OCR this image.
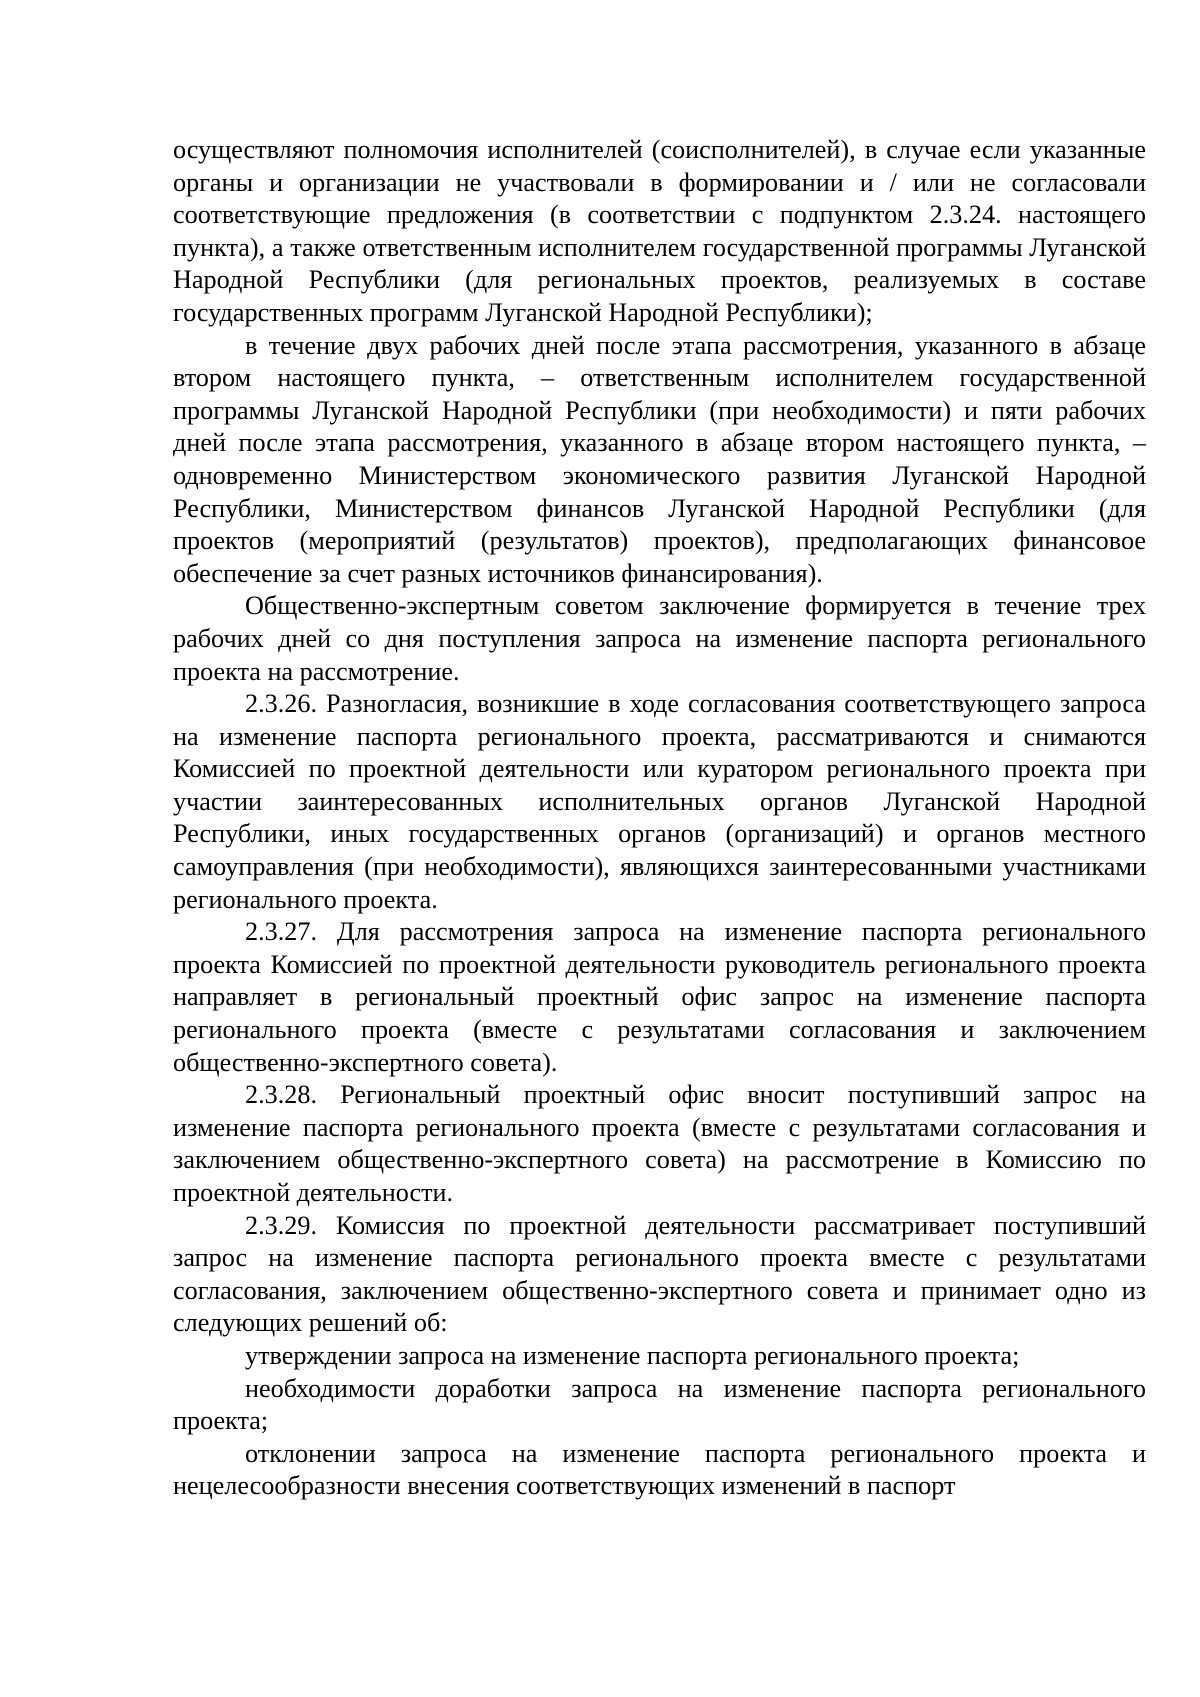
осуществляют полномочия исполнителей (соисполнителей), в случае если указанные органы и организации не участвовали в формировании и / или не согласовали соответствующие предложения (в соответствии с подпунктом 2.3.24. настоящего пункта), а также ответственным исполнителем государственной программы Луганской Народной Республики (для региональных проектов, реализуемых в составе государственных программ Луганской Народной Республики);

в течение двух рабочих дней после этапа рассмотрения, указанного в абзаце втором настоящего пункта, – ответственным исполнителем государственной программы Луганской Народной Республики (при необходимости) и пяти рабочих дней после этапа рассмотрения, указанного в абзаце втором настоящего пункта, – одновременно Министерством экономического развития Луганской Народной Республики, Министерством финансов Луганской Народной Республики (для проектов (мероприятий (результатов) проектов), предполагающих финансовое обеспечение за счет разных источников финансирования).

Общественно-экспертным советом заключение формируется в течение трех рабочих дней со дня поступления запроса на изменение паспорта регионального проекта на рассмотрение.

2.3.26. Разногласия, возникшие в ходе согласования соответствующего запроса на изменение паспорта регионального проекта, рассматриваются и снимаются Комиссией по проектной деятельности или куратором регионального проекта при участии заинтересованных исполнительных органов Луганской Народной Республики, иных государственных органов (организаций) и органов местного самоуправления (при необходимости), являющихся заинтересованными участниками регионального проекта.

2.3.27. Для рассмотрения запроса на изменение паспорта регионального проекта Комиссией по проектной деятельности руководитель регионального проекта направляет в региональный проектный офис запрос на изменение паспорта регионального проекта (вместе с результатами согласования и заключением общественно-экспертного совета).

2.3.28. Региональный проектный офис вносит поступивший запрос на изменение паспорта регионального проекта (вместе с результатами согласования и заключением общественно-экспертного совета) на рассмотрение в Комиссию по проектной деятельности.

2.3.29. Комиссия по проектной деятельности рассматривает поступивший запрос на изменение паспорта регионального проекта вместе с результатами согласования, заключением общественно-экспертного совета и принимает одно из следующих решений об:

утверждении запроса на изменение паспорта регионального проекта;

необходимости доработки запроса на изменение паспорта регионального проекта;

отклонении запроса на изменение паспорта регионального проекта и нецелесообразности внесения соответствующих изменений в паспорт
